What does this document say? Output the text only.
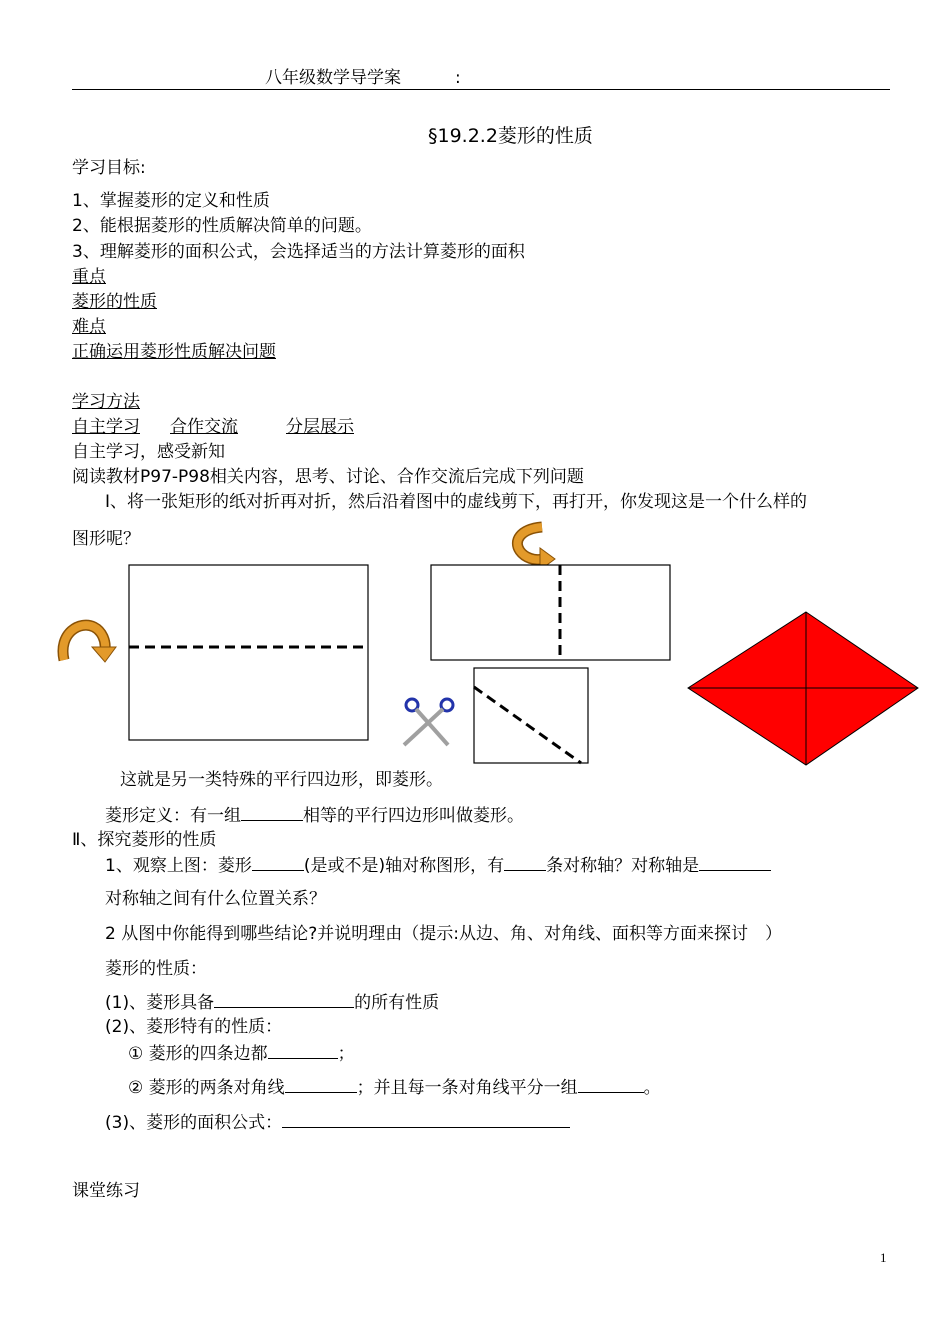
八年级数学导学案	:
§19.2.2菱形的性质
学习目标:
1、掌握菱形的定义和性质
2、能根据菱形的性质解决简单的问题。
3、理解菱形的面积公式，会选择适当的方法计算菱形的面积
重点
菱形的性质
难点
正确运用菱形性质解决问题
学习方法
自主学习 合作交流	分层展示
自主学习，感受新知
阅读教材P97-P98相关内容，思考、讨论、合作交流后完成下列问题
Ⅰ、将一张矩形的纸对折再对折，然后沿着图中的虚线剪下，再打开，你发现这是一个什么样的
图形呢？
这就是另一类特殊的平行四边形，即菱形。
菱形定义：有一组	相等的平行四边形叫做菱形。
Ⅱ、探究菱形的性质
1、观察上图：菱形	(是或不是)轴对称图形，有 条对称轴？对称轴是
对称轴之间有什么位置关系？
2 从图中你能得到哪些结论?并说明理由（提示:从边、角、对角线、面积等方面来探讨　）
菱形的性质：
(1)、菱形具备	的所有性质
(2)、菱形特有的性质：
① 菱形的四条边都	；
② 菱形的两条对角线	；并且每一条对角线平分一组	。
(3)、菱形的面积公式：
课堂练习
1
